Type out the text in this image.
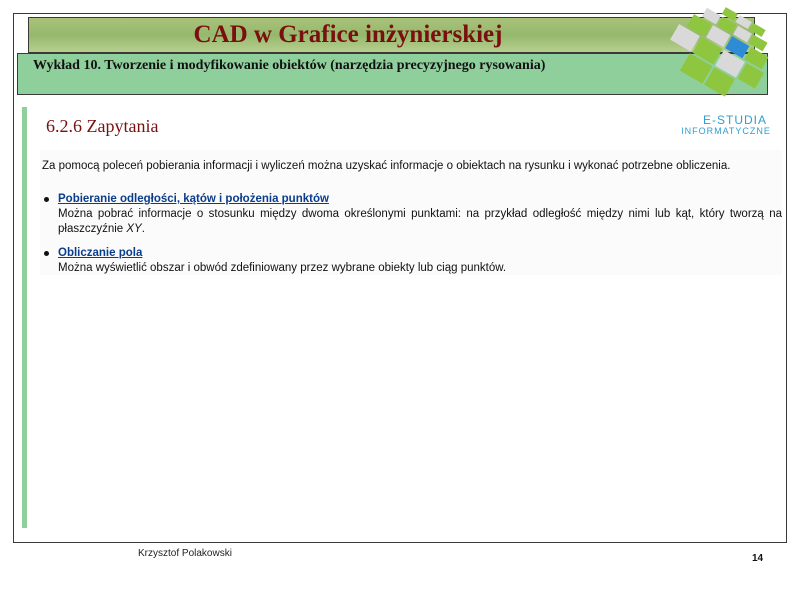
CAD w Grafice inżynierskiej
Wykład 10. Tworzenie i modyfikowanie obiektów (narzędzia precyzyjnego rysowania)
E-STUDIA
INFORMATYCZNE
6.2.6 Zapytania
Za pomocą poleceń pobierania informacji i wyliczeń można uzyskać informacje o obiektach na rysunku i wykonać potrzebne obliczenia.
Pobieranie odległości, kątów i położenia punktów
Można pobrać informacje o stosunku między dwoma określonymi punktami: na przykład odległość między nimi lub kąt, który tworzą na płaszczyźnie XY.
Obliczanie pola
Można wyświetlić obszar i obwód zdefiniowany przez wybrane obiekty lub ciąg punktów.
Krzysztof Polakowski	14
